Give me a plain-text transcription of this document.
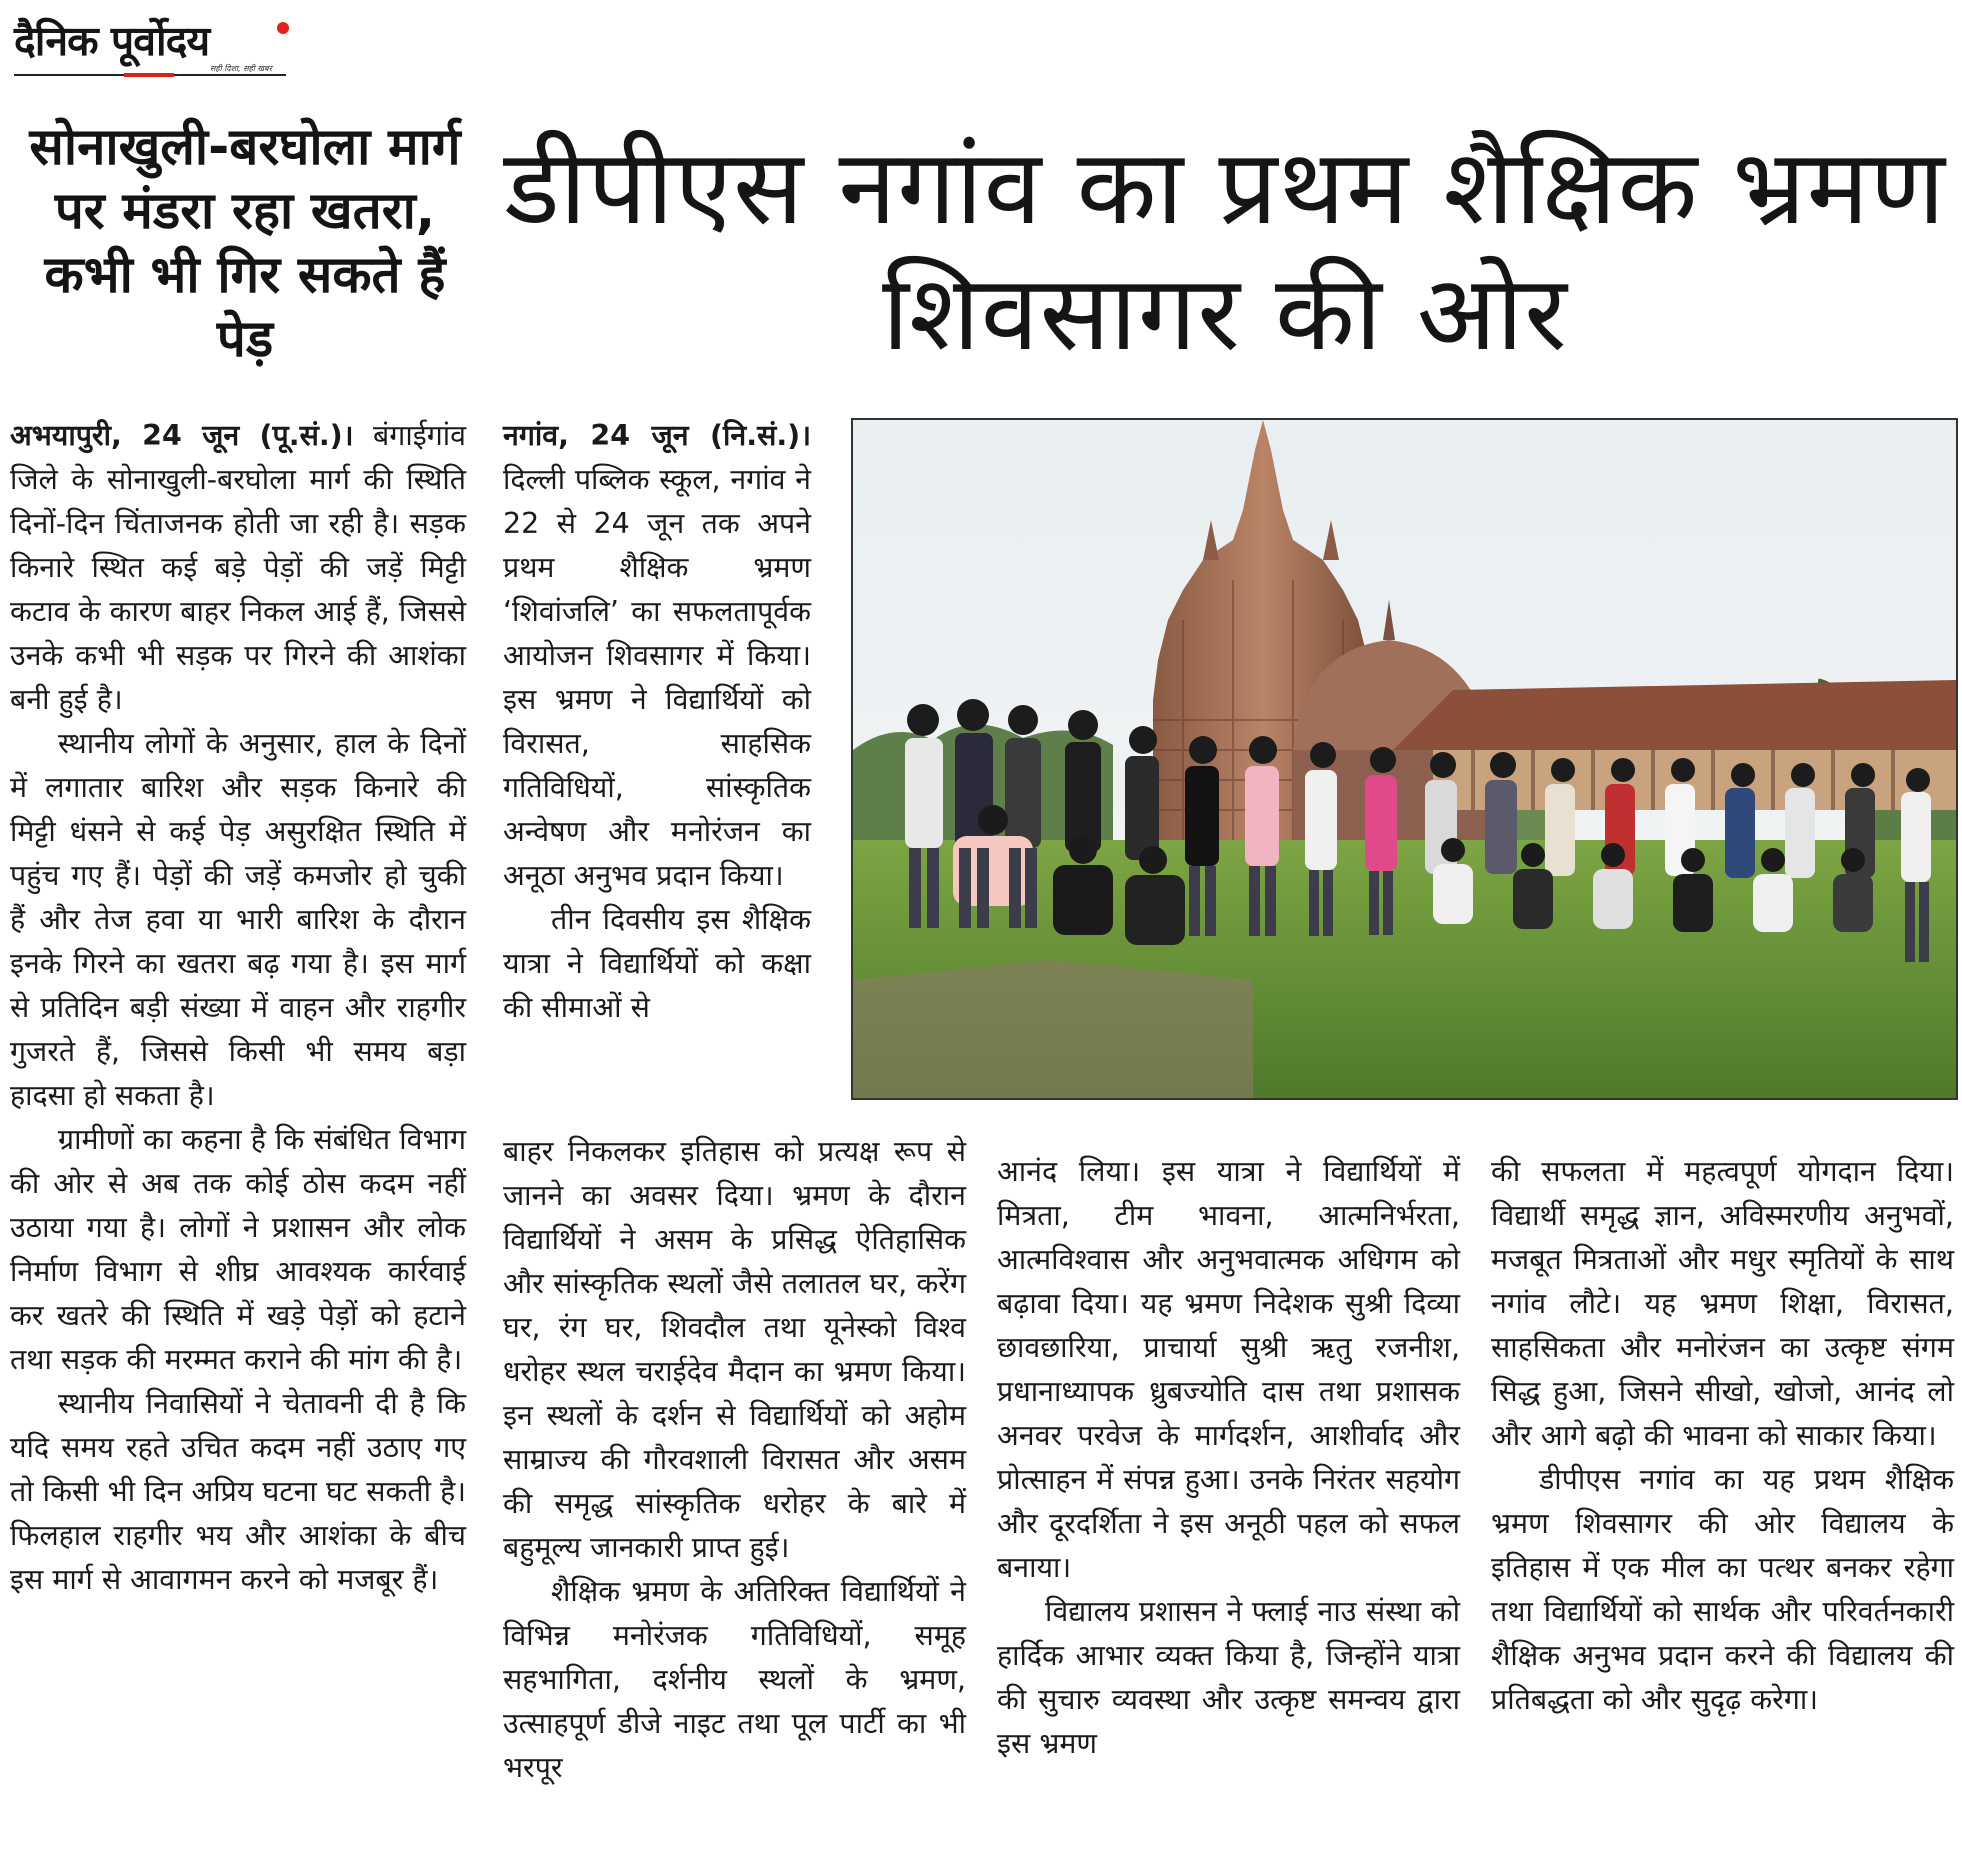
दैनिक पूर्वोदय
सही दिशा, सही खबर
सोनाखुली-बरघोला मार्ग पर मंडरा रहा खतरा, कभी भी गिर सकते हैं पेड़
डीपीएस नगांव का प्रथम शैक्षिक भ्रमण शिवसागर की ओर

अभयापुरी, 24 जून (पू.सं.)। बंगाईगांव जिले के सोनाखुली-बरघोला मार्ग की स्थिति दिनों-दिन चिंताजनक होती जा रही है। सड़क किनारे स्थित कई बड़े पेड़ों की जड़ें मिट्टी कटाव के कारण बाहर निकल आई हैं, जिससे उनके कभी भी सड़क पर गिरने की आशंका बनी हुई है।

स्थानीय लोगों के अनुसार, हाल के दिनों में लगातार बारिश और सड़क किनारे की मिट्टी धंसने से कई पेड़ असुरक्षित स्थिति में पहुंच गए हैं। पेड़ों की जड़ें कमजोर हो चुकी हैं और तेज हवा या भारी बारिश के दौरान इनके गिरने का खतरा बढ़ गया है। इस मार्ग से प्रतिदिन बड़ी संख्या में वाहन और राहगीर गुजरते हैं, जिससे किसी भी समय बड़ा हादसा हो सकता है।

ग्रामीणों का कहना है कि संबंधित विभाग की ओर से अब तक कोई ठोस कदम नहीं उठाया गया है। लोगों ने प्रशासन और लोक निर्माण विभाग से शीघ्र आवश्यक कार्रवाई कर खतरे की स्थिति में खड़े पेड़ों को हटाने तथा सड़क की मरम्मत कराने की मांग की है।

स्थानीय निवासियों ने चेतावनी दी है कि यदि समय रहते उचित कदम नहीं उठाए गए तो किसी भी दिन अप्रिय घटना घट सकती है। फिलहाल राहगीर भय और आशंका के बीच इस मार्ग से आवागमन करने को मजबूर हैं।

नगांव, 24 जून (नि.सं.)। दिल्ली पब्लिक स्कूल, नगांव ने 22 से 24 जून तक अपने प्रथम शैक्षिक भ्रमण ‘शिवांजलि’ का सफलतापूर्वक आयोजन शिवसागर में किया। इस भ्रमण ने विद्यार्थियों को विरासत, साहसिक गतिविधियों, सांस्कृतिक अन्वेषण और मनोरंजन का अनूठा अनुभव प्रदान किया।

तीन दिवसीय इस शैक्षिक यात्रा ने विद्यार्थियों को कक्षा की सीमाओं से

बाहर निकलकर इतिहास को प्रत्यक्ष रूप से जानने का अवसर दिया। भ्रमण के दौरान विद्यार्थियों ने असम के प्रसिद्ध ऐतिहासिक और सांस्कृतिक स्थलों जैसे तलातल घर, करेंग घर, रंग घर, शिवदौल तथा यूनेस्को विश्व धरोहर स्थल चराईदेव मैदान का भ्रमण किया। इन स्थलों के दर्शन से विद्यार्थियों को अहोम साम्राज्य की गौरवशाली विरासत और असम की समृद्ध सांस्कृतिक धरोहर के बारे में बहुमूल्य जानकारी प्राप्त हुई।

शैक्षिक भ्रमण के अतिरिक्त विद्यार्थियों ने विभिन्न मनोरंजक गतिविधियों, समूह सहभागिता, दर्शनीय स्थलों के भ्रमण, उत्साहपूर्ण डीजे नाइट तथा पूल पार्टी का भी भरपूर

आनंद लिया। इस यात्रा ने विद्यार्थियों में मित्रता, टीम भावना, आत्मनिर्भरता, आत्मविश्वास और अनुभवात्मक अधिगम को बढ़ावा दिया। यह भ्रमण निदेशक सुश्री दिव्या छावछारिया, प्राचार्या सुश्री ऋतु रजनीश, प्रधानाध्यापक ध्रुबज्योति दास तथा प्रशासक अनवर परवेज के मार्गदर्शन, आशीर्वाद और प्रोत्साहन में संपन्न हुआ। उनके निरंतर सहयोग और दूरदर्शिता ने इस अनूठी पहल को सफल बनाया।

विद्यालय प्रशासन ने फ्लाई नाउ संस्था को हार्दिक आभार व्यक्त किया है, जिन्होंने यात्रा की सुचारु व्यवस्था और उत्कृष्ट समन्वय द्वारा इस भ्रमण

की सफलता में महत्वपूर्ण योगदान दिया। विद्यार्थी समृद्ध ज्ञान, अविस्मरणीय अनुभवों, मजबूत मित्रताओं और मधुर स्मृतियों के साथ नगांव लौटे। यह भ्रमण शिक्षा, विरासत, साहसिकता और मनोरंजन का उत्कृष्ट संगम सिद्ध हुआ, जिसने सीखो, खोजो, आनंद लो और आगे बढ़ो की भावना को साकार किया।

डीपीएस नगांव का यह प्रथम शैक्षिक भ्रमण शिवसागर की ओर विद्यालय के इतिहास में एक मील का पत्थर बनकर रहेगा तथा विद्यार्थियों को सार्थक और परिवर्तनकारी शैक्षिक अनुभव प्रदान करने की विद्यालय की प्रतिबद्धता को और सुदृढ़ करेगा।
